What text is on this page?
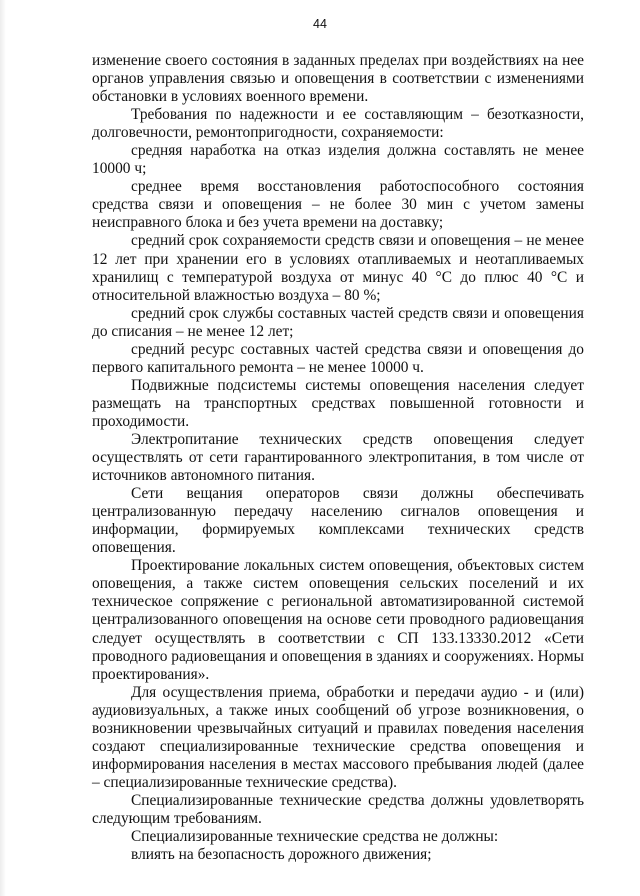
44

изменение своего состояния в заданных пределах при воздействиях на нее органов управления связью и оповещения в соответствии с изменениями обстановки в условиях военного времени.

Требования по надежности и ее составляющим – безотказности, долговечности, ремонтопригодности, сохраняемости:

средняя наработка на отказ изделия должна составлять не менее 10000 ч;

среднее время восстановления работоспособного состояния средства связи и оповещения – не более 30 мин с учетом замены неисправного блока и без учета времени на доставку;

средний срок сохраняемости средств связи и оповещения – не менее 12 лет при хранении его в условиях отапливаемых и неотапливаемых хранилищ с температурой воздуха от минус 40 °С до плюс 40 °С и относительной влажностью воздуха – 80 %;

средний срок службы составных частей средств связи и оповещения до списания – не менее 12 лет;

средний ресурс составных частей средства связи и оповещения до первого капитального ремонта – не менее 10000 ч.

Подвижные подсистемы системы оповещения населения следует размещать на транспортных средствах повышенной готовности и проходимости.

Электропитание технических средств оповещения следует осуществлять от сети гарантированного электропитания, в том числе от источников автономного питания.

Сети вещания операторов связи должны обеспечивать централизованную передачу населению сигналов оповещения и информации, формируемых комплексами технических средств оповещения.

Проектирование локальных систем оповещения, объектовых систем оповещения, а также систем оповещения сельских поселений и их техническое сопряжение с региональной автоматизированной системой централизованного оповещения на основе сети проводного радиовещания следует осуществлять в соответствии с СП 133.13330.2012 «Сети проводного радиовещания и оповещения в зданиях и сооружениях. Нормы проектирования».

Для осуществления приема, обработки и передачи аудио - и (или) аудиовизуальных, а также иных сообщений об угрозе возникновения, о возникновении чрезвычайных ситуаций и правилах поведения населения создают специализированные технические средства оповещения и информирования населения в местах массового пребывания людей (далее – специализированные технические средства).

Специализированные технические средства должны удовлетворять следующим требованиям.

Специализированные технические средства не должны:

влиять на безопасность дорожного движения;
